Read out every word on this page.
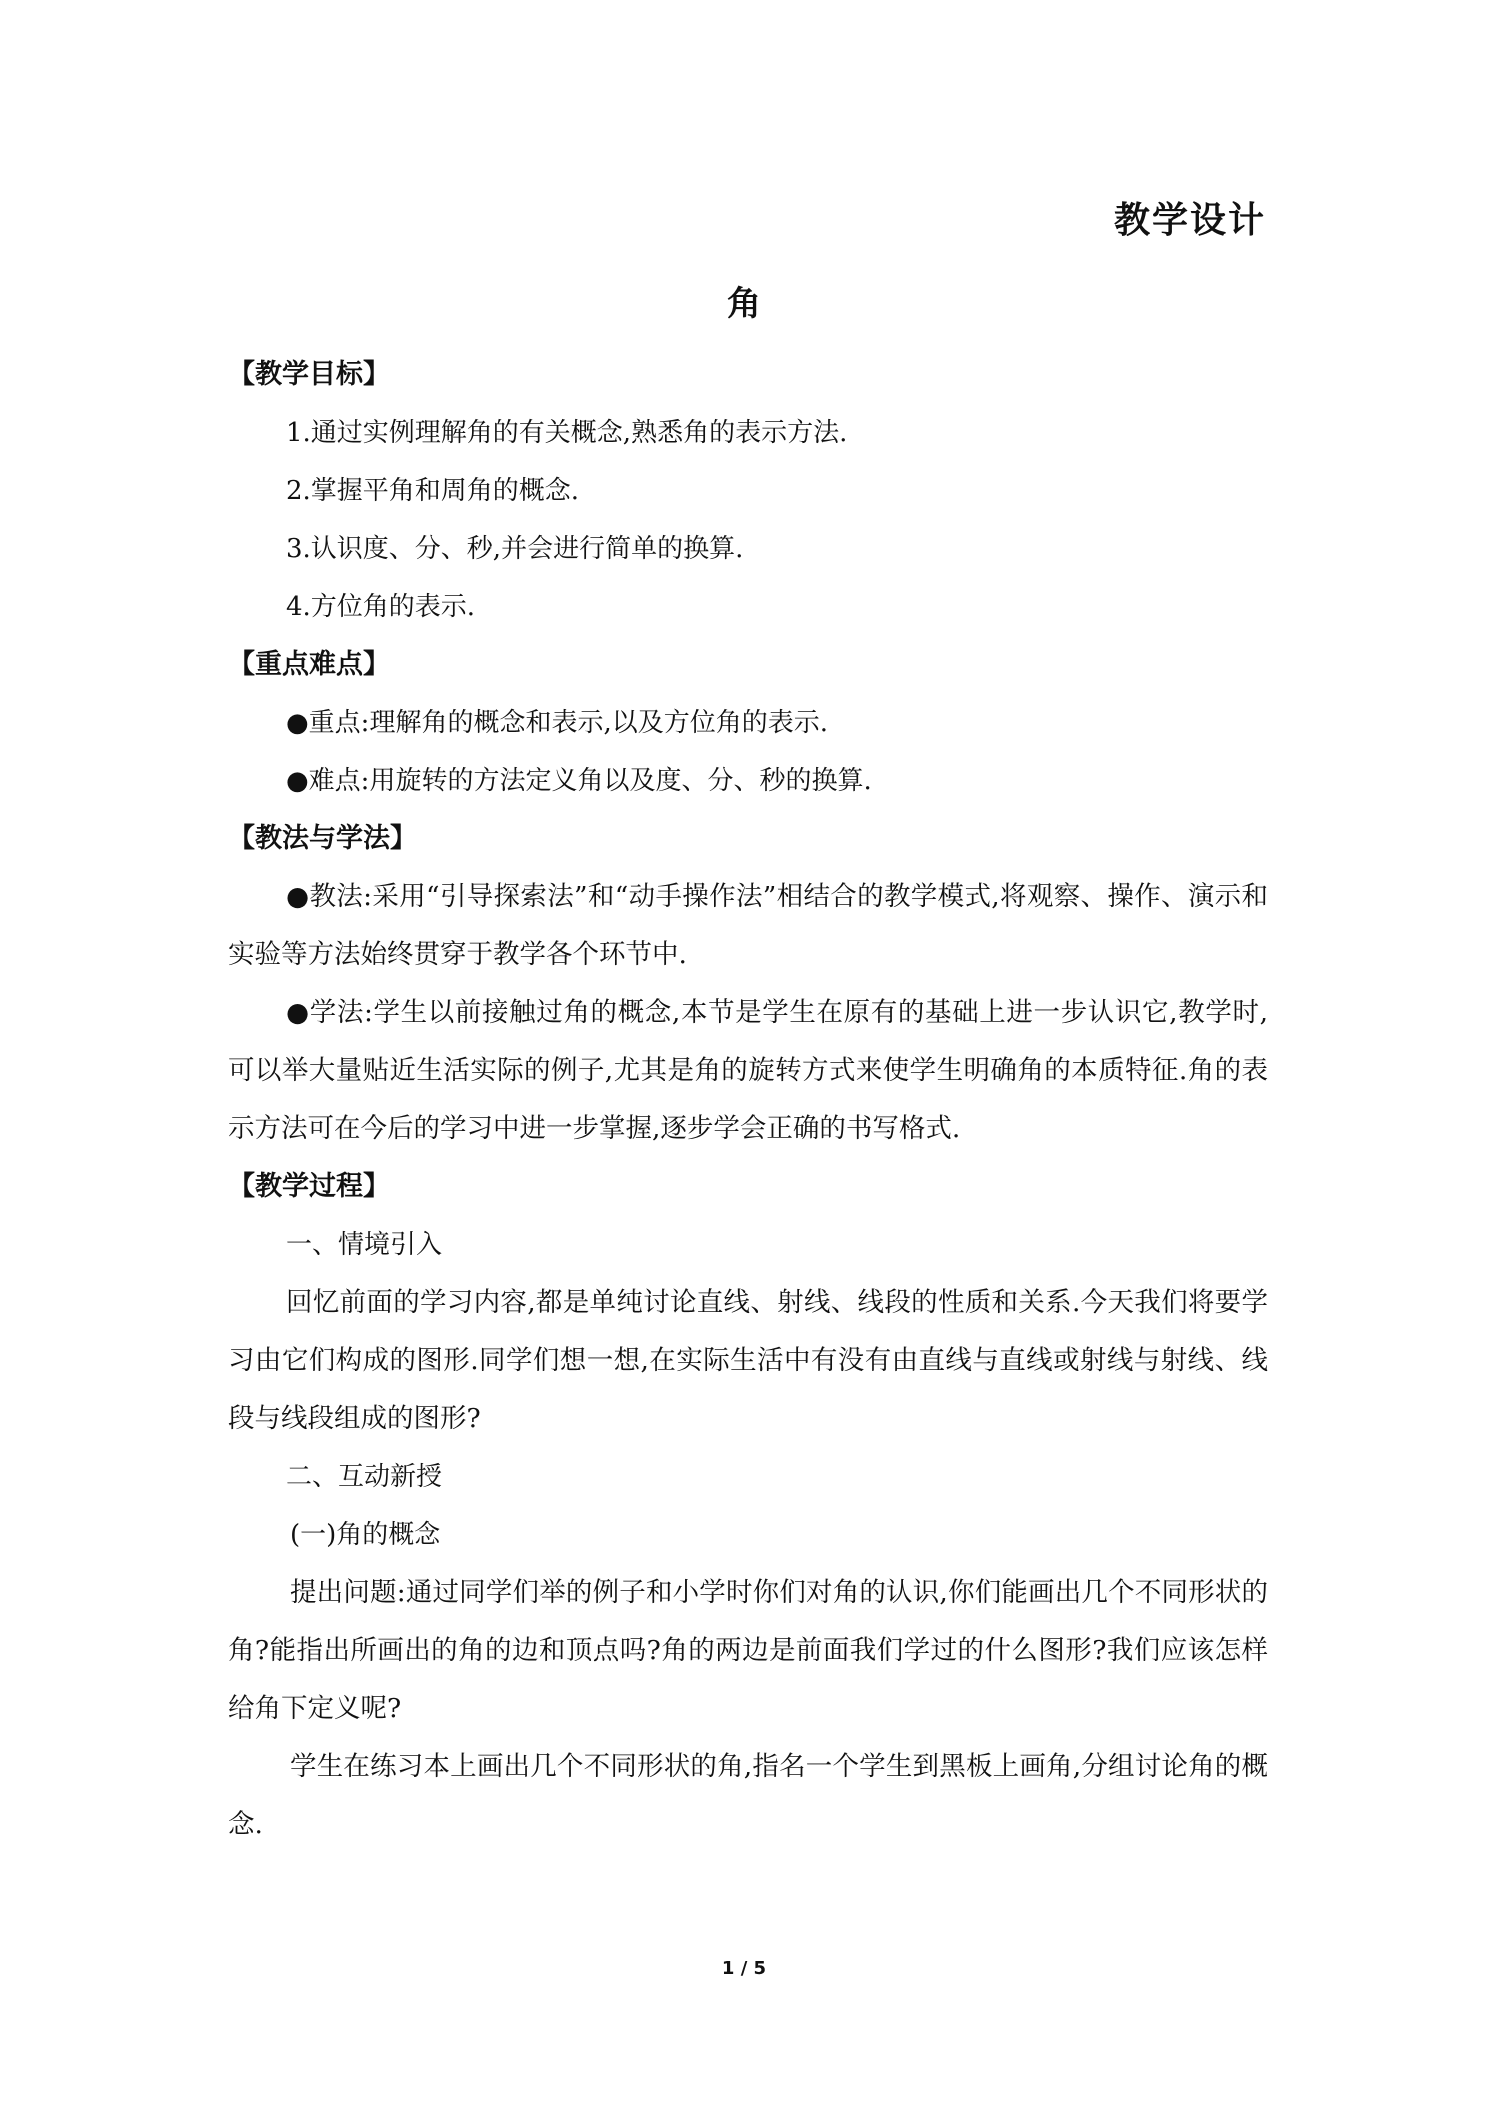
教学设计
角
【教学目标】
1.通过实例理解角的有关概念,熟悉角的表示方法.
2.掌握平角和周角的概念.
3.认识度、分、秒,并会进行简单的换算.
4.方位角的表示.
【重点难点】
●重点:理解角的概念和表示,以及方位角的表示.
●难点:用旋转的方法定义角以及度、分、秒的换算.
【教法与学法】

●教法:采用“引导探索法”和“动手操作法”相结合的教学模式,将观察、操作、演示和实验等方法始终贯穿于教学各个环节中.

●学法:学生以前接触过角的概念,本节是学生在原有的基础上进一步认识它,教学时,可以举大量贴近生活实际的例子,尤其是角的旋转方式来使学生明确角的本质特征.角的表示方法可在今后的学习中进一步掌握,逐步学会正确的书写格式.

【教学过程】
一、情境引入

回忆前面的学习内容,都是单纯讨论直线、射线、线段的性质和关系.今天我们将要学习由它们构成的图形.同学们想一想,在实际生活中有没有由直线与直线或射线与射线、线段与线段组成的图形?

二、互动新授
(一)角的概念

提出问题:通过同学们举的例子和小学时你们对角的认识,你们能画出几个不同形状的角?能指出所画出的角的边和顶点吗?角的两边是前面我们学过的什么图形?我们应该怎样给角下定义呢?

学生在练习本上画出几个不同形状的角,指名一个学生到黑板上画角,分组讨论角的概念.

1 / 5
